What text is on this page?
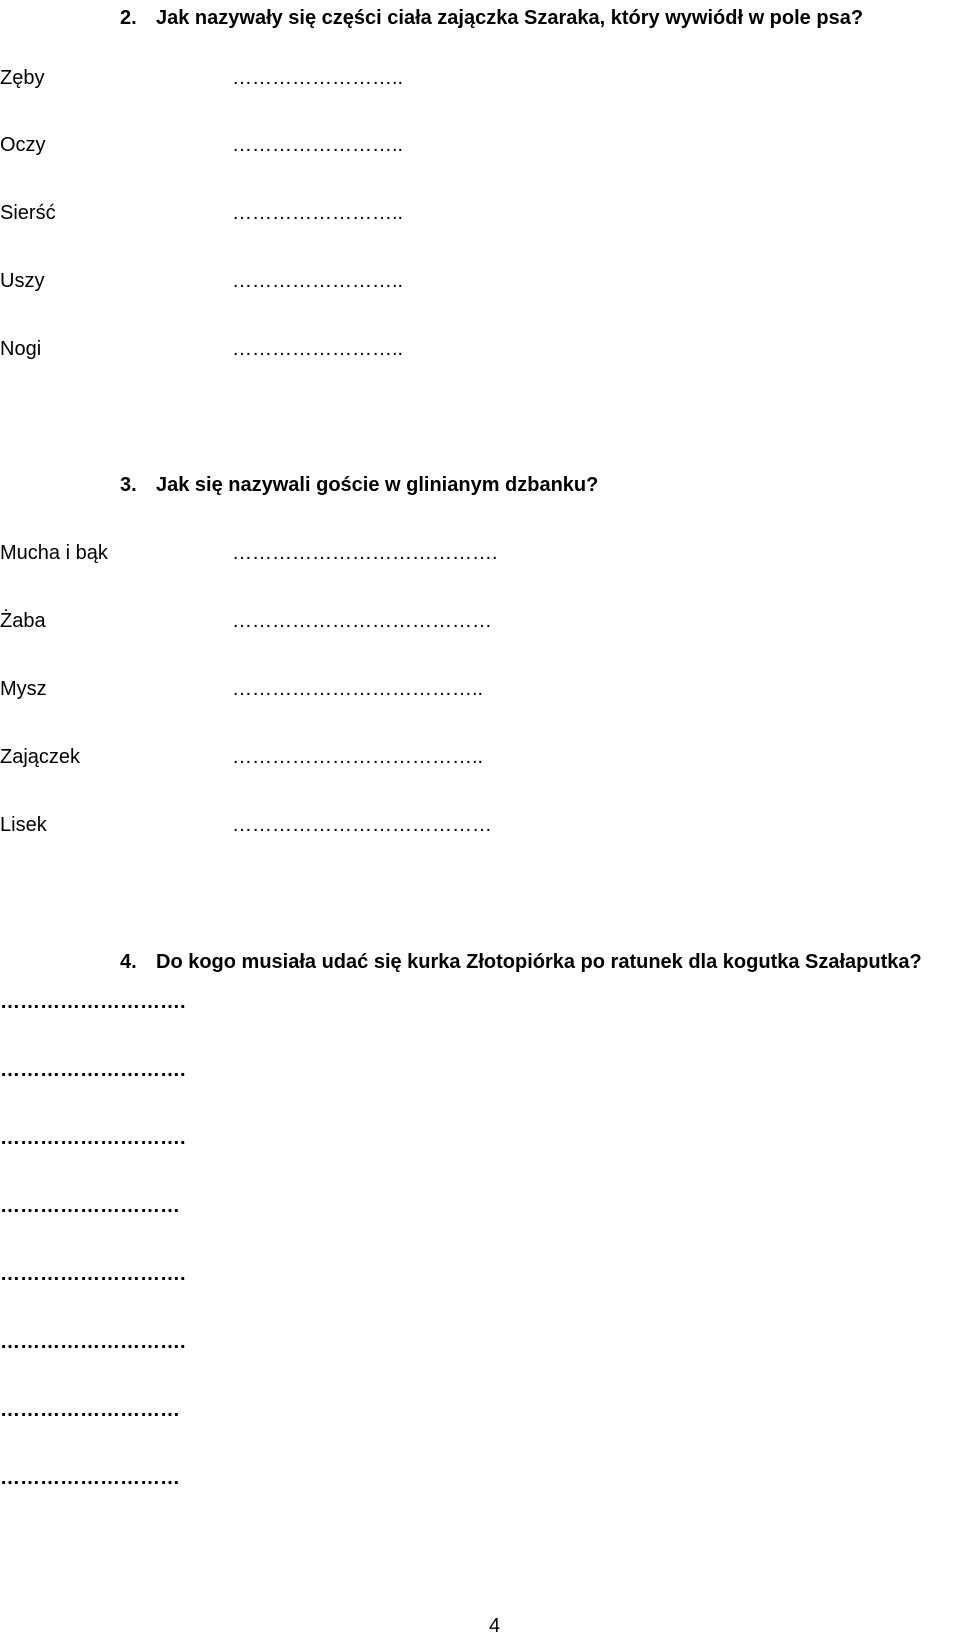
2. Jak nazywały się części ciała zajączka Szaraka, który wywiódł w pole psa?
Zęby	……………………..
Oczy	……………………..
Sierść	……………………..
Uszy	……………………..
Nogi	……………………..
3. Jak się nazywali goście w glinianym dzbanku?
Mucha i bąk	………………………………….
Żaba	…………………………………
Mysz	………………………………..
Zajączek	………………………………..
Lisek	…………………………………
4. Do kogo musiała udać się kurka Złotopiórka po ratunek dla kogutka Szałaputka?
……………………….
……………………….
……………………….
………………………
……………………….
……………………….
………………………
………………………
4
